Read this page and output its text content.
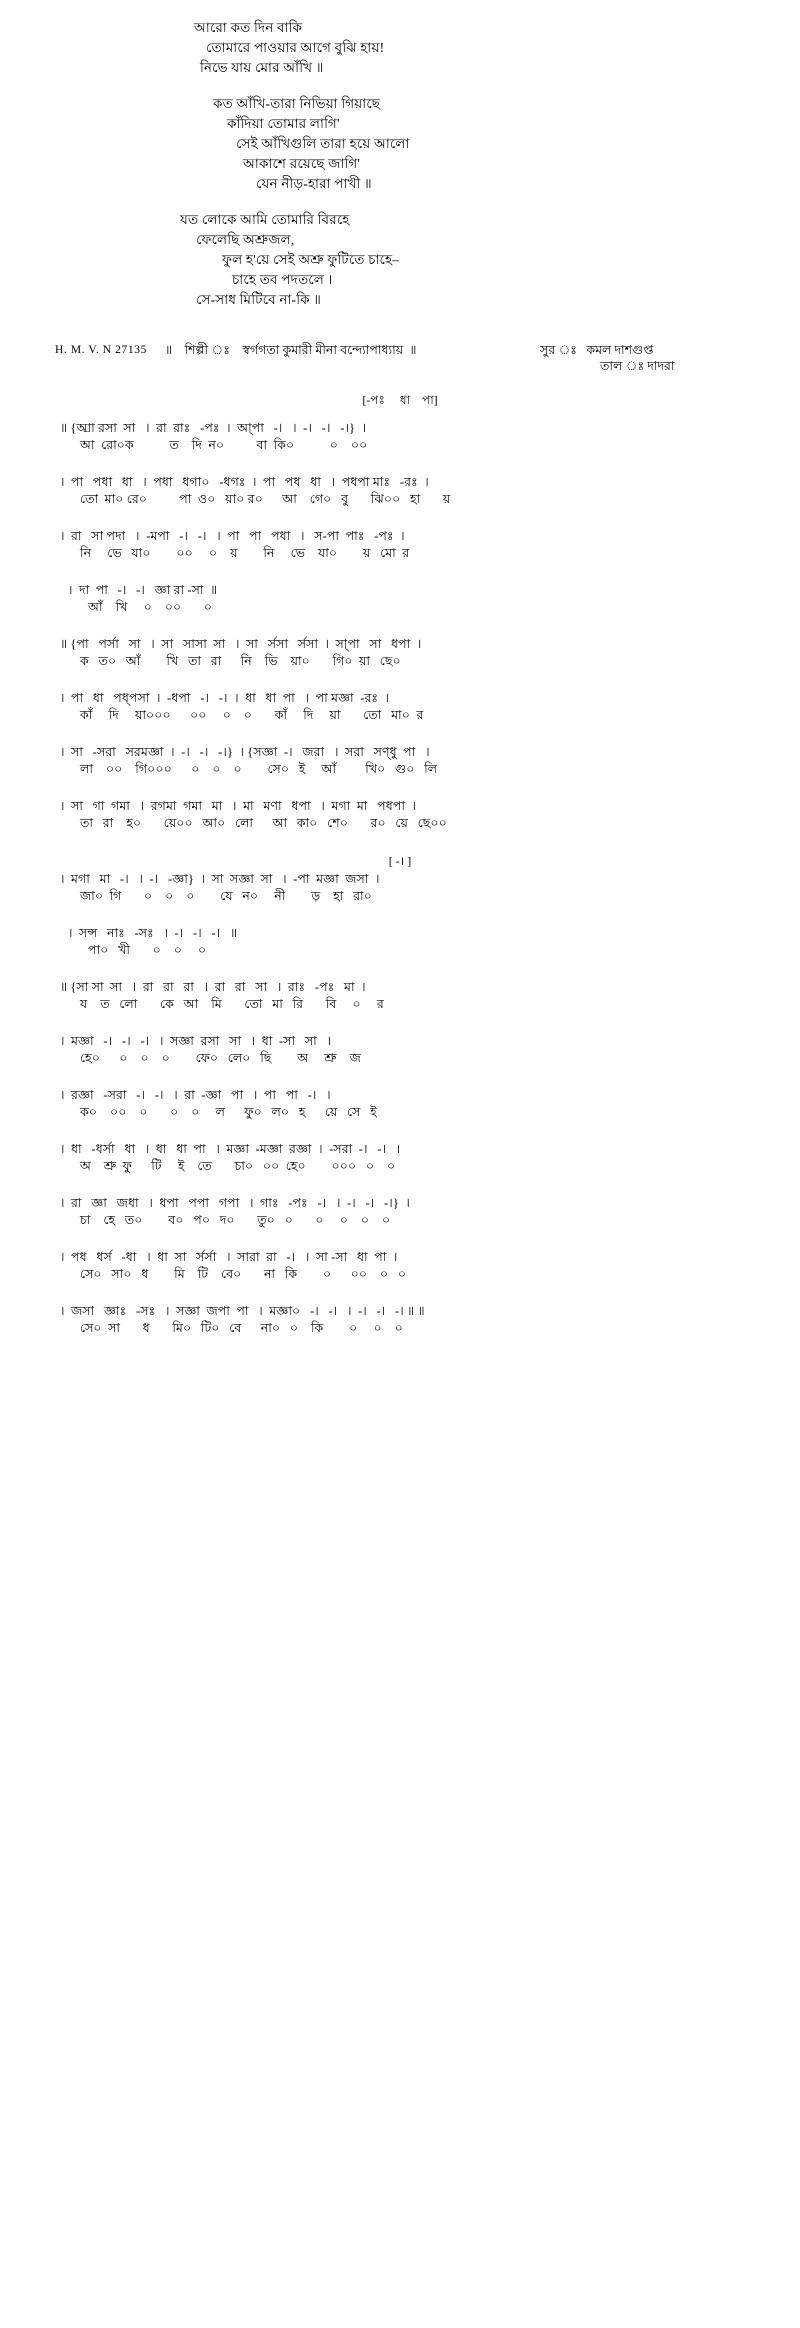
আরো কত দিন বাকি
তোমারে পাওয়ার আগে বুঝি হায়!
নিভে যায় মোর আঁখি ॥
কত আঁখি-তারা নিভিয়া গিয়াছে
কাঁদিয়া তোমার লাগি'
সেই আঁখিগুলি তারা হয়ে আলো
আকাশে রয়েছে জাগি'
যেন নীড়-হারা পাখী ॥
যত লোকে আমি তোমারি বিরহে
ফেলেছি অশ্রুজল,
ফুল হ'য়ে সেই অশ্রু ফুটিতে চাহে–
চাহে তব পদতলে ।
সে-সাধ মিটিবে না-কি ॥
H. M. V. N 27135 ॥    শিল্পী ঃ    স্বর্গগতা কুমারী মীনা বন্দ্যোপাধ্যায়  ॥	সুর ঃ   কমল দাশগুপ্ত
তাল ঃ দাদরা
[-পঃ     ধা    ​পা]
॥ {​আ্রা রসা  সা   ।  রা  রাঃ   -পঃ  ।  ​আ্পা   -।   ।  -।   -।   -।}  ।
আ  রো০ক           ত    দি  ন০          বা  কি০           ০    ০০
।  পা   পধা   ধা   ।  পধা   ধগা০   -ধগঃ  ।  পা   পধ   ধা   ।  পধপা মাঃ   -রঃ  ।
তো  মা০ রে০          পা  ও০   য়া০ র০      আ    গে০   বু       ঝি০০   হা       য়
।  রা   ​সা পদা   ।  -মপা   -।   -।   ।  পা   ​পা   পধা   ।   ​স-পা  পাঃ   -পঃ  ।
নি     ভে   যা০        ০০     ০    য়        নি     ভে    যা০        য়   মো  র
।  ​দা  পা   -।   -।   ​জ্ঞা ​রা -সা  ॥
আঁ    খি     ০    ০০       ০
॥ {​পা   পর্সা   সা   ।  সা   ​সা​সা  সা   ।  সা   র্সসা   র্সসা  ।  সা্পা   সা   ​ধপা  ।
ক   ত০   আঁ        খি   তা   রা      নি    ভি    য়া০       গি০  য়া   ছে০
।  ​পা   ধা   পধ্পসা  ।  -ধপা   -।   ​-।  ।  ধা   ​ধা  ​পা   ।  ​পা মজ্ঞা  -রঃ  ।
কাঁ     দি     য়া০০০      ০০     ০    ০       কাঁ     দি     য়া       তো   মা০  র
।  সা   -সরা   সরমজ্ঞা  ।  -।   -।   -।}  । {সজ্ঞা  -।   জরা   ।  সরা   সণ্ধু  পা   ।
লা    ০০    গি০০০      ০    ০    ০        সে০   ই     আঁ         খি০   গু০   লি
।  সা   ​গা  গমা   ।  রগমা  গমা   মা   ।  মা   মণা   ধপা   ।  মগা  মা   পধপা  ।
তা   রা    হ০       য়ে০০   আ০   লো      আ   কা০   শে০       র০   য়ে   ছে০০
[ -। ]
।  মগা   মা   -।   ।  -।   -জ্ঞা}  ।  সা  সজ্ঞা  সা   ।  -পা  মজ্ঞা  জসা  ।
জা০  গি       ০    ০    ০        যে   ন০     নী        ড়    হা   রা০
।  সন্স   নাঃ   -সঃ   ।  -।   -।   -।   ॥
পা০   খী       ০    ০     ০
॥ {​সা সা  সা   ।  ​রা   রা   রা   ।  রা   রা   সা   ।  রাঃ   -পঃ   ​মা  ।
য    ত   লো       কে   আ    মি       তো   মা   রি       বি     ০     র
।  মজ্ঞা   -।   -।   -।   ।  সজ্ঞা  রসা   সা   ।  ​ধা  -সা   সা   ।
হে০      ০    ০    ০        ফে০   লে০   ছি        অ     শ্রু    জ
।  রজ্ঞা   -সরা   -।   -।   ।  ​রা  -জ্ঞা   ​পা   ।  পা   পা   -।   ।
ক০    ০০    ০       ০    ০     ল      ফু০   ল০   হ      য়ে   সে   ই
।  ধা   -ধর্সা   ​ধা   ।  ধা   ​ধা  পা   ।  মজ্ঞা  -মজ্ঞা  রজ্ঞা  ।  -সরা  -।   -।   ।
অ    শ্রু  ফু      টি     ই    তে       চা০   ০০  হে০        ০০০   ০    ০
।  রা   জ্ঞা   জধা   ।  ধপা   পপা   গপা   ।  গাঃ   -পঃ   -।   ।  -।   -।   -।}  ।
চা    হে   ত০        ব০   প০   দ০       তু০   ০       ০     ০    ০    ০
।  পধ   ধর্স   -ধা   ।  ​ধা  সা   র্সর্সা   ।  ​সা​রা  রা   -।   ।  ​সা -সা   ​ধা  ​পা  ।
সে০   সা০   ধ        মি    টি    বে০       না   কি        ০      ০০    ০   ০
।  জসা   জ্ঞাঃ   -সঃ   ।  সজ্ঞা  জপা  পা   ।  মজ্ঞা০   -।   -।   ।  -।   -।   -। ॥ ॥
সে০  সা       ধ       মি০   টি০   বে      না০   ০    কি        ০     ০    ০
